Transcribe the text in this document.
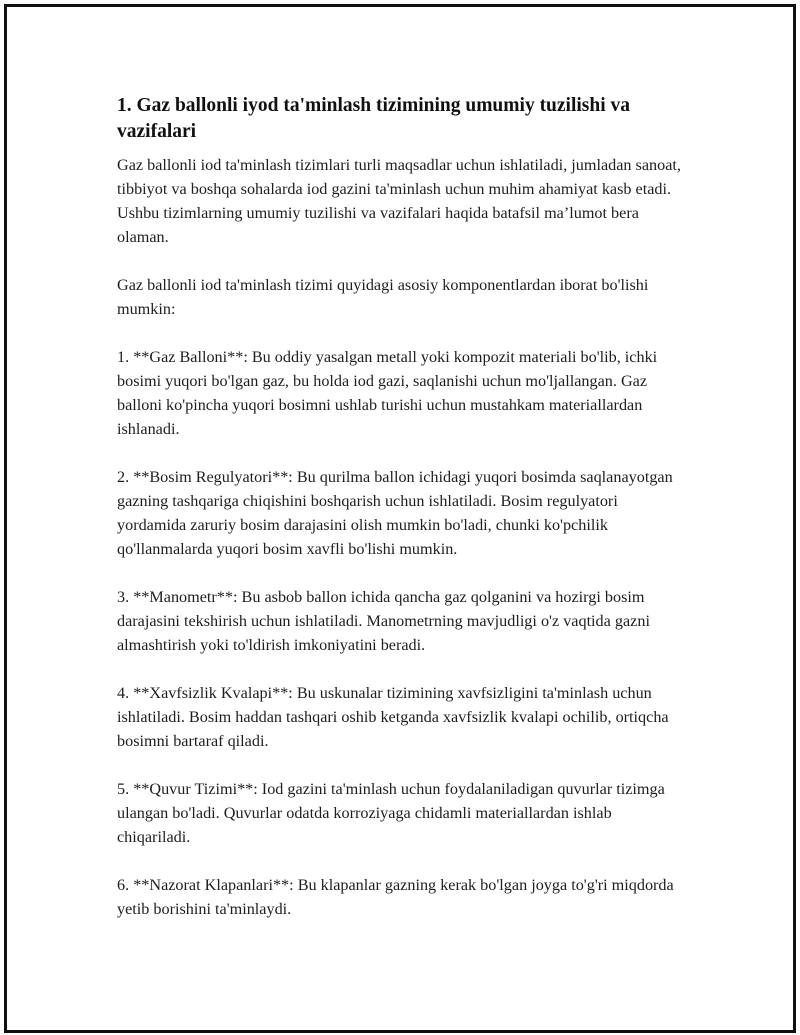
1. Gaz ballonli iyod ta'minlash tizimining umumiy tuzilishi va vazifalari

Gaz ballonli iod ta'minlash tizimlari turli maqsadlar uchun ishlatiladi, jumladan sanoat, tibbiyot va boshqa sohalarda iod gazini ta'minlash uchun muhim ahamiyat kasb etadi. Ushbu tizimlarning umumiy tuzilishi va vazifalari haqida batafsil ma’lumot bera olaman.

Gaz ballonli iod ta'minlash tizimi quyidagi asosiy komponentlardan iborat bo'lishi mumkin:

1. **Gaz Balloni**: Bu oddiy yasalgan metall yoki kompozit materiali bo'lib, ichki bosimi yuqori bo'lgan gaz, bu holda iod gazi, saqlanishi uchun mo'ljallangan. Gaz balloni ko'pincha yuqori bosimni ushlab turishi uchun mustahkam materiallardan ishlanadi.

2. **Bosim Regulyatori**: Bu qurilma ballon ichidagi yuqori bosimda saqlanayotgan gazning tashqariga chiqishini boshqarish uchun ishlatiladi. Bosim regulyatori yordamida zaruriy bosim darajasini olish mumkin bo'ladi, chunki ko'pchilik qo'llanmalarda yuqori bosim xavfli bo'lishi mumkin.

3. **Manometr**: Bu asbob ballon ichida qancha gaz qolganini va hozirgi bosim darajasini tekshirish uchun ishlatiladi. Manometrning mavjudligi o'z vaqtida gazni almashtirish yoki to'ldirish imkoniyatini beradi.

4. **Xavfsizlik Kvalapi**: Bu uskunalar tizimining xavfsizligini ta'minlash uchun ishlatiladi. Bosim haddan tashqari oshib ketganda xavfsizlik kvalapi ochilib, ortiqcha bosimni bartaraf qiladi.

5. **Quvur Tizimi**: Iod gazini ta'minlash uchun foydalaniladigan quvurlar tizimga ulangan bo'ladi. Quvurlar odatda korroziyaga chidamli materiallardan ishlab chiqariladi.

6. **Nazorat Klapanlari**: Bu klapanlar gazning kerak bo'lgan joyga to'g'ri miqdorda yetib borishini ta'minlaydi.
